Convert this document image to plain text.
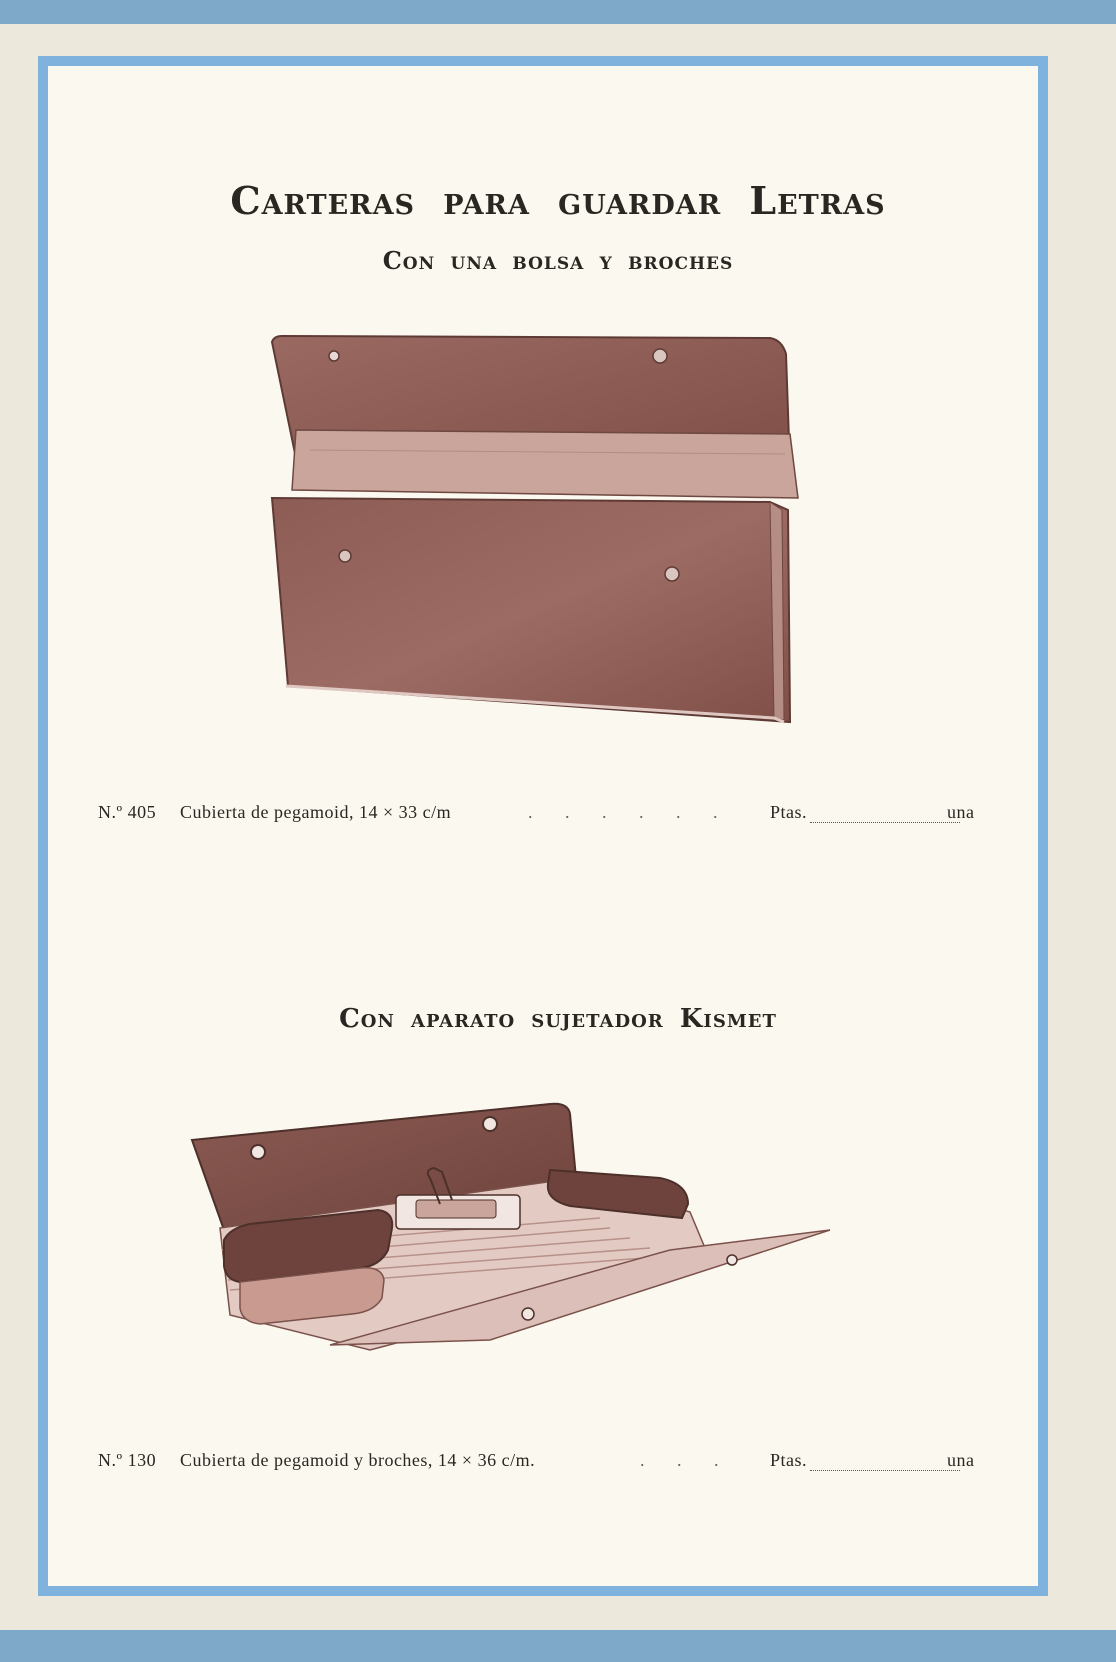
Carteras para guardar Letras
Con una bolsa y broches
N.º 405 Cubierta de pegamoid, 14 × 33 c/m	. . . . . . Ptas.	una
Con aparato sujetador Kismet
N.º 130 Cubierta de pegamoid y broches, 14 × 36 c/m.	. . . Ptas.	una
